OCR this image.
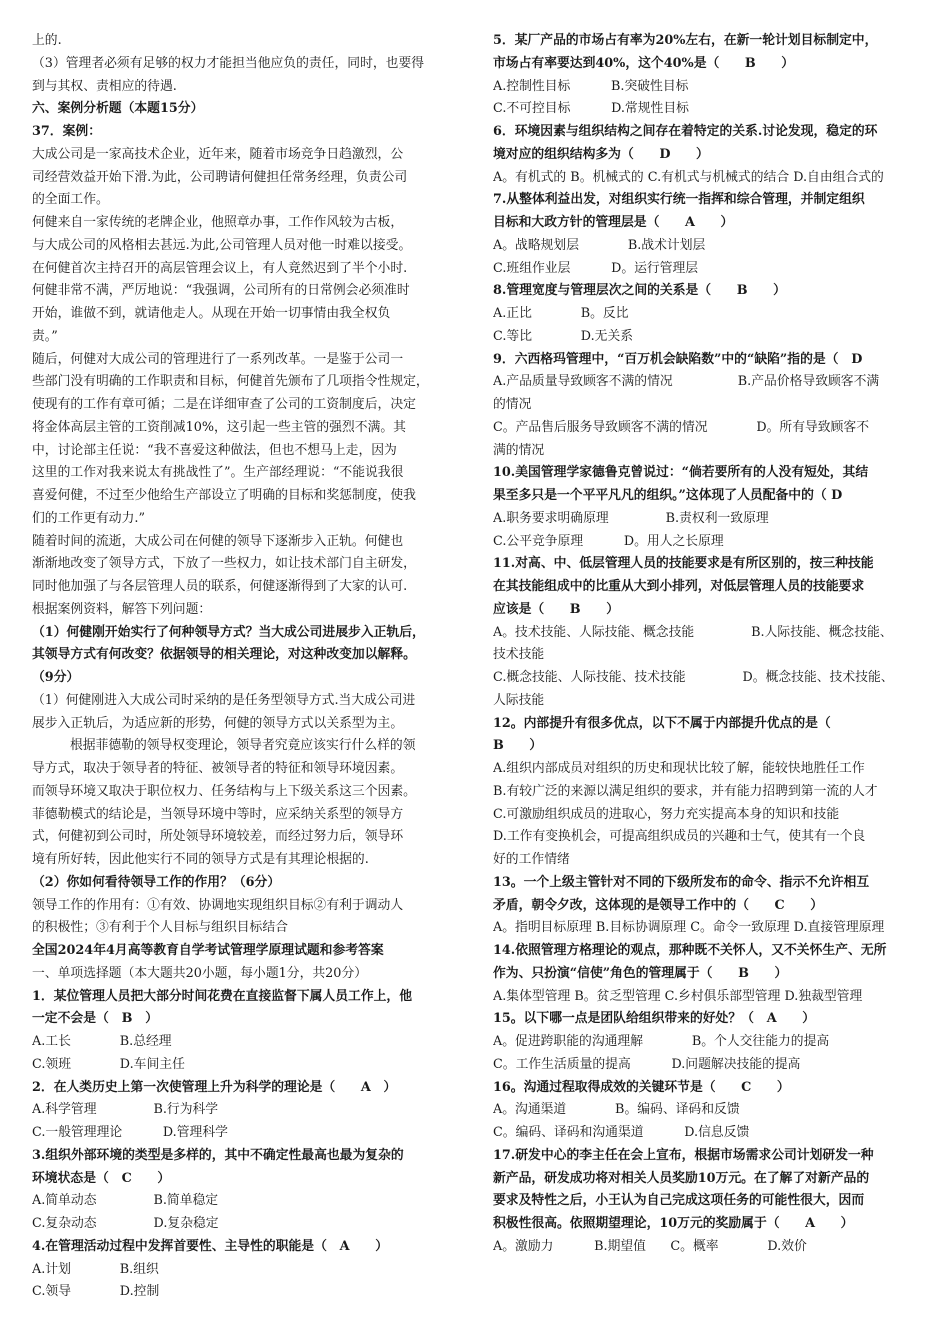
上的.
（3）管理者必须有足够的权力才能担当他应负的责任，同时，也要得
到与其权、责相应的待遇.
六、案例分析题（本题15分）
37．案例：
大成公司是一家高技术企业，近年来，随着市场竞争日趋激烈，公
司经营效益开始下滑.为此，公司聘请何健担任常务经理，负责公司
的全面工作。
何健来自一家传统的老牌企业，他照章办事，工作作风较为古板，
与大成公司的风格相去甚远.为此,公司管理人员对他一时难以接受。
在何健首次主持召开的高层管理会议上，有人竟然迟到了半个小时.
何健非常不满，严厉地说：“我强调，公司所有的日常例会必须准时
开始，谁做不到，就请他走人。从现在开始一切事情由我全权负
责。”
随后，何健对大成公司的管理进行了一系列改革。一是鉴于公司一
些部门没有明确的工作职责和目标，何健首先颁布了几项指令性规定，
使现有的工作有章可循；二是在详细审查了公司的工资制度后，决定
将金体高层主管的工资削减10%，这引起一些主管的强烈不满。其
中，讨论部主任说：“我不喜爱这种做法，但也不想马上走，因为
这里的工作对我来说太有挑战性了”。生产部经理说：“不能说我很
喜爱何健，不过至少他给生产部设立了明确的目标和奖惩制度，使我
们的工作更有动力.”
随着时间的流逝，大成公司在何健的领导下逐渐步入正轨。何健也
渐渐地改变了领导方式，下放了一些权力，如让技术部门自主研发，
同时他加强了与各层管理人员的联系，何健逐渐得到了大家的认可.
根据案例资料，解答下列问题：
（1）何健刚开始实行了何种领导方式？当大成公司进展步入正轨后，
其领导方式有何改变？依据领导的相关理论，对这种改变加以解释。
（9分）
（1）何健刚进入大成公司时采纳的是任务型领导方式.当大成公司进
展步入正轨后，为适应新的形势，何健的领导方式以关系型为主。
根据菲德勒的领导权变理论，领导者究竟应该实行什么样的领
导方式，取决于领导者的特征、被领导者的特征和领导环境因素。
而领导环境又取决于职位权力、任务结构与上下级关系这三个因素。
菲德勒模式的结论是，当领导环境中等时，应采纳关系型的领导方
式，何健初到公司时，所处领导环境较差，而经过努力后，领导环
境有所好转，因此他实行不同的领导方式是有其理论根据的.
（2）你如何看待领导工作的作用？（6分）
领导工作的作用有：①有效、协调地实现组织目标②有利于调动人
的积极性；③有利于个人目标与组织目标结合
全国2024年4月高等教育自学考试管理学原理试题和参考答案
一、单项选择题（本大题共20小题，每小题1分，共20分）
1．某位管理人员把大部分时间花费在直接监督下属人员工作上，他
一定不会是（　B　）
A.工长            B.总经理
C.领班            D.车间主任
2．在人类历史上第一次使管理上升为科学的理论是（　　A　）
A.科学管理              B.行为科学
C.一般管理理论          D.管理科学
3.组织外部环境的类型是多样的，其中不确定性最高也最为复杂的
环境状态是（　C　　）
A.简单动态              B.简单稳定
C.复杂动态              D.复杂稳定
4.在管理活动过程中发挥首要性、主导性的职能是（　A　　）
A.计划            B.组织
C.领导            D.控制
5．某厂产品的市场占有率为20%左右，在新一轮计划目标制定中，
市场占有率要达到40%，这个40%是（　　B　　）
A.控制性目标          B.突破性目标
C.不可控目标          D.常规性目标
6．环境因素与组织结构之间存在着特定的关系.讨论发现，稳定的环
境对应的组织结构多为（　　D　　）
A。有机式的 B。机械式的 C.有机式与机械式的结合 D.自由组合式的
7.从整体利益出发，对组织实行统一指挥和综合管理，并制定组织
目标和大政方针的管理层是（　　A　　）
A。战略规划层            B.战术计划层
C.班组作业层          D。运行管理层
8.管理宽度与管理层次之间的关系是（　　B　　）
A.正比            B。反比
C.等比            D.无关系
9．六西格玛管理中，“百万机会缺陷数”中的“缺陷”指的是（　D
A.产品质量导致顾客不满的情况                B.产品价格导致顾客不满
的情况
C。产品售后服务导致顾客不满的情况            D。所有导致顾客不
满的情况
10.美国管理学家德鲁克曾说过：“倘若要所有的人没有短处，其结
果至多只是一个平平凡凡的组织。”这体现了人员配备中的（ D
A.职务要求明确原理              B.责权利一致原理
C.公平竞争原理          D。用人之长原理
11.对高、中、低层管理人员的技能要求是有所区别的，按三种技能
在其技能组成中的比重从大到小排列，对低层管理人员的技能要求
应该是（　　B　　）
A。技术技能、人际技能、概念技能              B.人际技能、概念技能、
技术技能
C.概念技能、人际技能、技术技能              D。概念技能、技术技能、
人际技能
12。内部提升有很多优点，以下不属于内部提升优点的是（
B　　）
A.组织内部成员对组织的历史和现状比较了解，能较快地胜任工作
B.有较广泛的来源以满足组织的要求，并有能力招聘到第一流的人才
C.可激励组织成员的进取心，努力充实提高本身的知识和技能
D.工作有变换机会，可提高组织成员的兴趣和士气，使其有一个良
好的工作情绪
13。一个上级主管针对不同的下级所发布的命令、指示不允许相互
矛盾，朝令夕改，这体现的是领导工作中的（　　C　　）
A。指明目标原理 B.目标协调原理 C。命令一致原理 D.直接管理原理
14.依照管理方格理论的观点，那种既不关怀人，又不关怀生产、无所
作为、只扮演“信使”角色的管理属于（　　B　　）
A.集体型管理 B。贫乏型管理 C.乡村俱乐部型管理 D.独裁型管理
15。以下哪一点是团队给组织带来的好处？（　A　　）
A。促进跨职能的沟通理解            B。个人交往能力的提高
C。工作生活质量的提高          D.问题解决技能的提高
16。沟通过程取得成效的关键环节是（　　C　　）
A。沟通渠道            B。编码、译码和反馈
C。编码、译码和沟通渠道          D.信息反馈
17.研发中心的李主任在会上宣布，根据市场需求公司计划研发一种
新产品，研发成功将对相关人员奖励10万元。在了解了对新产品的
要求及特性之后，小王认为自己完成这项任务的可能性很大，因而
积极性很高。依照期望理论，10万元的奖励属于（　　A　　）
A。激励力          B.期望值      C。概率            D.效价
